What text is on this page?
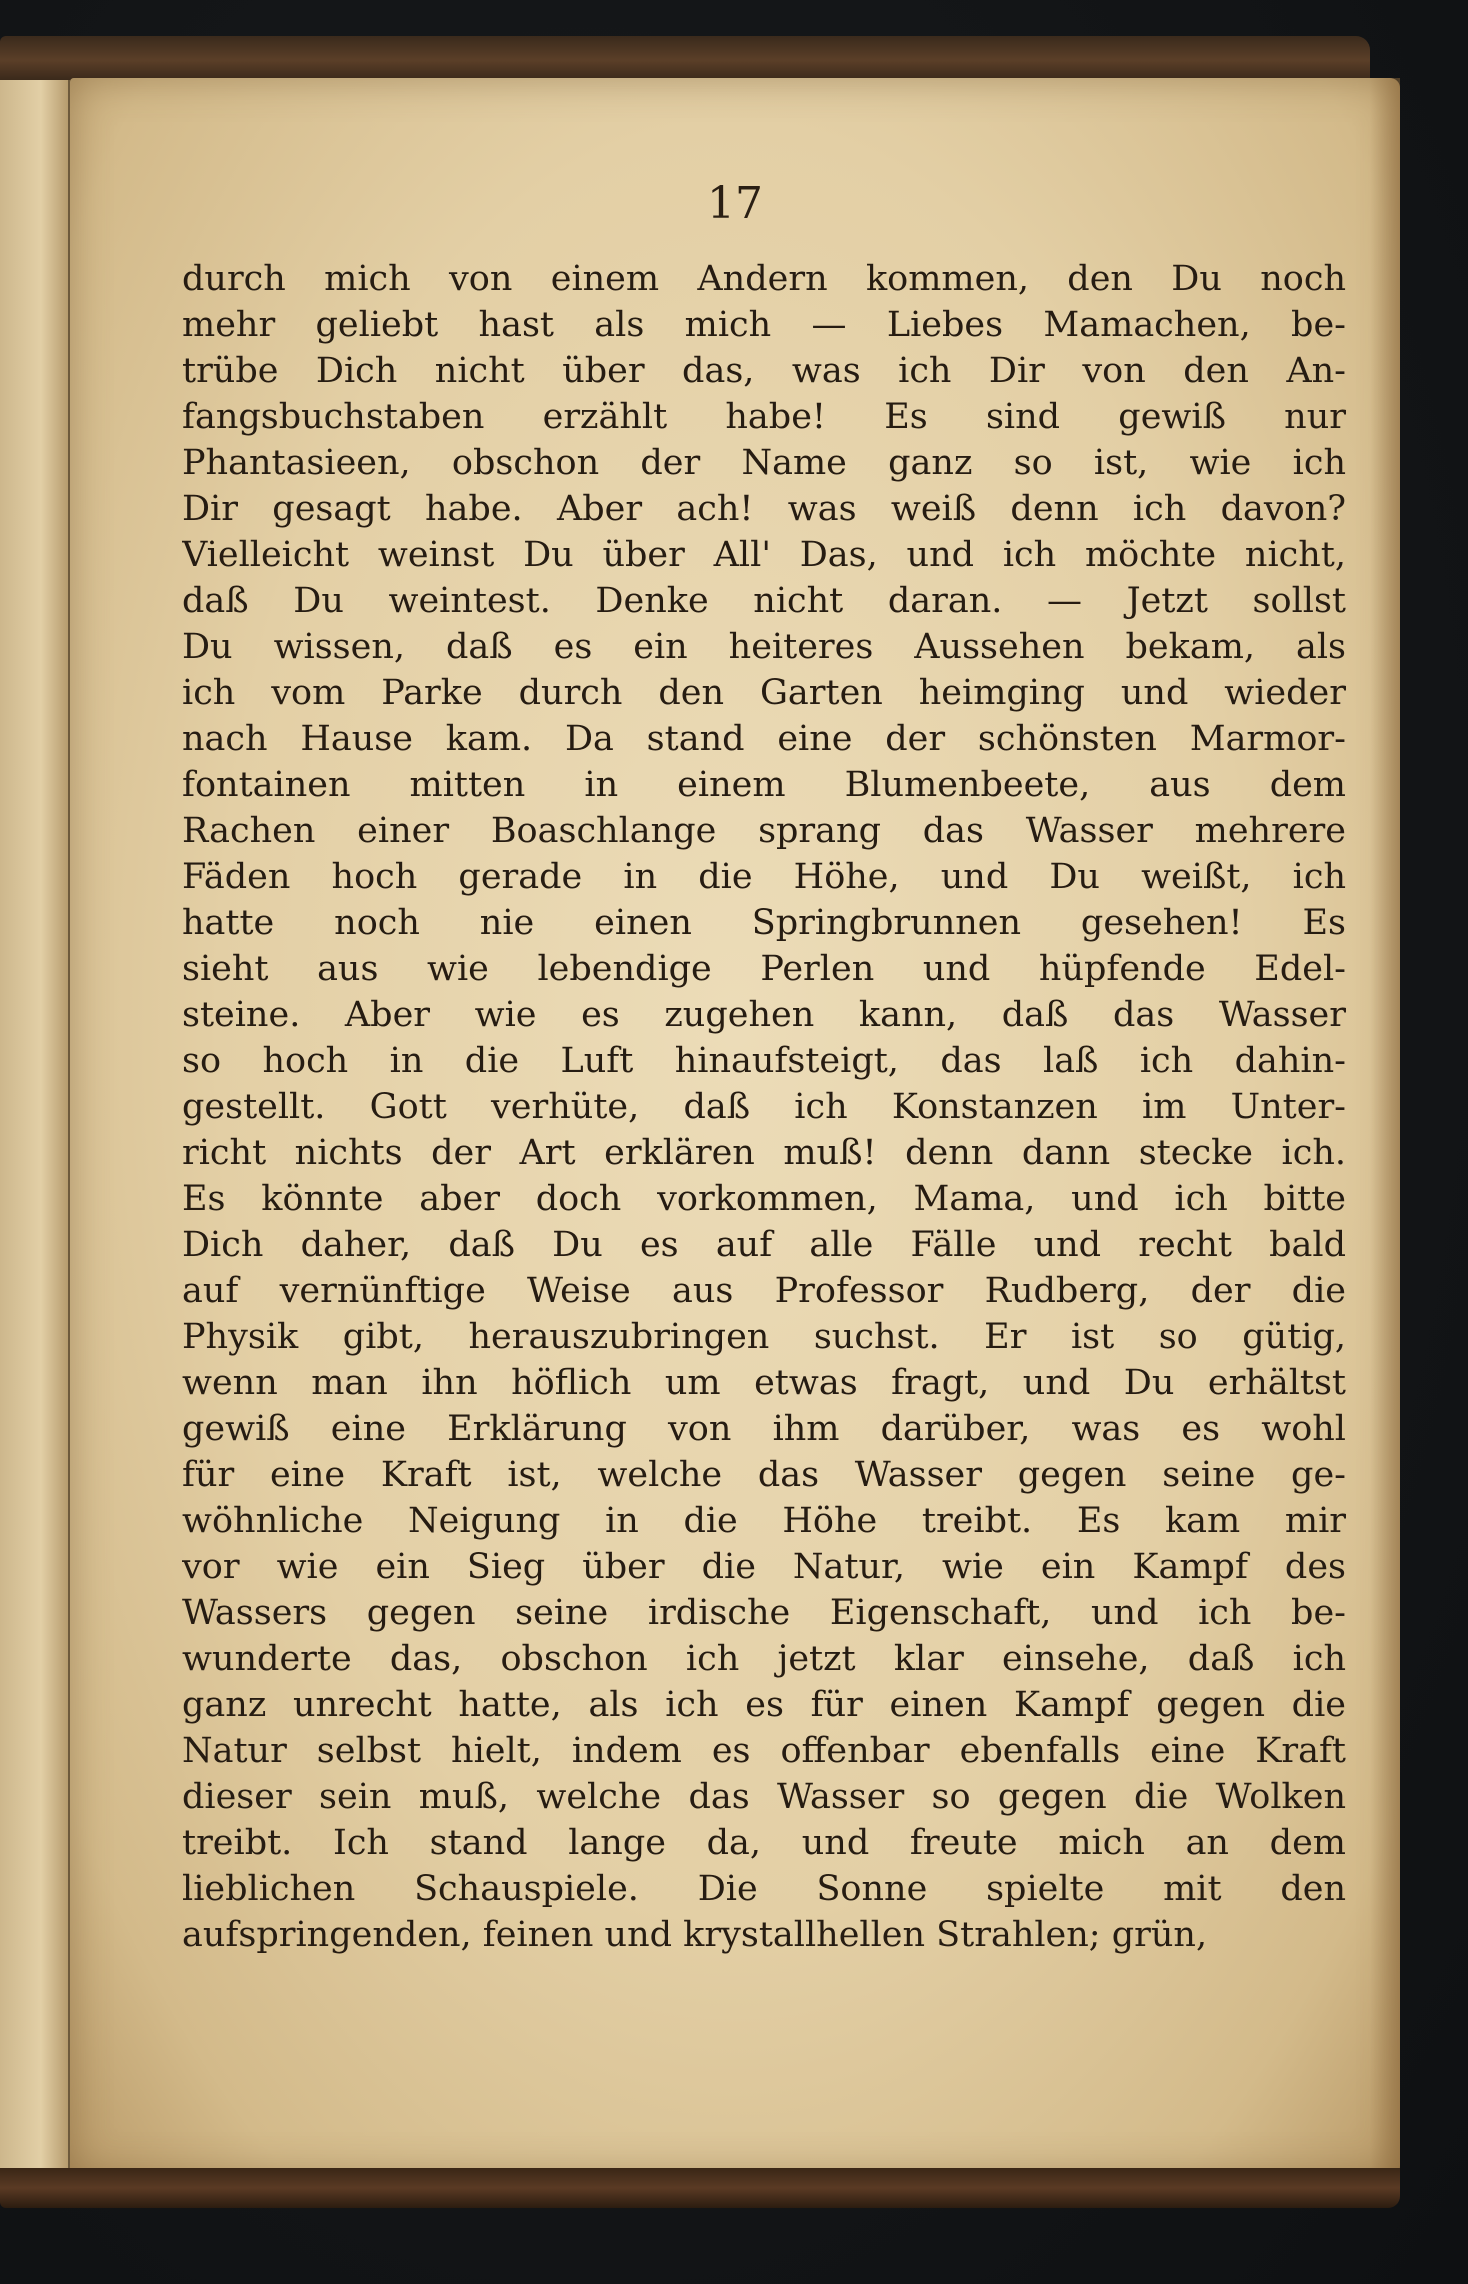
17
durch mich von einem Andern kommen, den Du noch
mehr geliebt hast als mich — Liebes Mamachen, be-
trübe Dich nicht über das, was ich Dir von den An-
fangsbuchstaben erzählt habe! Es sind gewiß nur
Phantasieen, obschon der Name ganz so ist, wie ich
Dir gesagt habe. Aber ach! was weiß denn ich davon?
Vielleicht weinst Du über All' Das, und ich möchte nicht,
daß Du weintest. Denke nicht daran. — Jetzt sollst
Du wissen, daß es ein heiteres Aussehen bekam, als
ich vom Parke durch den Garten heimging und wieder
nach Hause kam. Da stand eine der schönsten Marmor-
fontainen mitten in einem Blumenbeete, aus dem
Rachen einer Boaschlange sprang das Wasser mehrere
Fäden hoch gerade in die Höhe, und Du weißt, ich
hatte noch nie einen Springbrunnen gesehen! Es
sieht aus wie lebendige Perlen und hüpfende Edel-
steine. Aber wie es zugehen kann, daß das Wasser
so hoch in die Luft hinaufsteigt, das laß ich dahin-
gestellt. Gott verhüte, daß ich Konstanzen im Unter-
richt nichts der Art erklären muß! denn dann stecke ich.
Es könnte aber doch vorkommen, Mama, und ich bitte
Dich daher, daß Du es auf alle Fälle und recht bald
auf vernünftige Weise aus Professor Rudberg, der die
Physik gibt, herauszubringen suchst. Er ist so gütig,
wenn man ihn höflich um etwas fragt, und Du erhältst
gewiß eine Erklärung von ihm darüber, was es wohl
für eine Kraft ist, welche das Wasser gegen seine ge-
wöhnliche Neigung in die Höhe treibt. Es kam mir
vor wie ein Sieg über die Natur, wie ein Kampf des
Wassers gegen seine irdische Eigenschaft, und ich be-
wunderte das, obschon ich jetzt klar einsehe, daß ich
ganz unrecht hatte, als ich es für einen Kampf gegen die
Natur selbst hielt, indem es offenbar ebenfalls eine Kraft
dieser sein muß, welche das Wasser so gegen die Wolken
treibt. Ich stand lange da, und freute mich an dem
lieblichen Schauspiele. Die Sonne spielte mit den
aufspringenden, feinen und krystallhellen Strahlen; grün,
